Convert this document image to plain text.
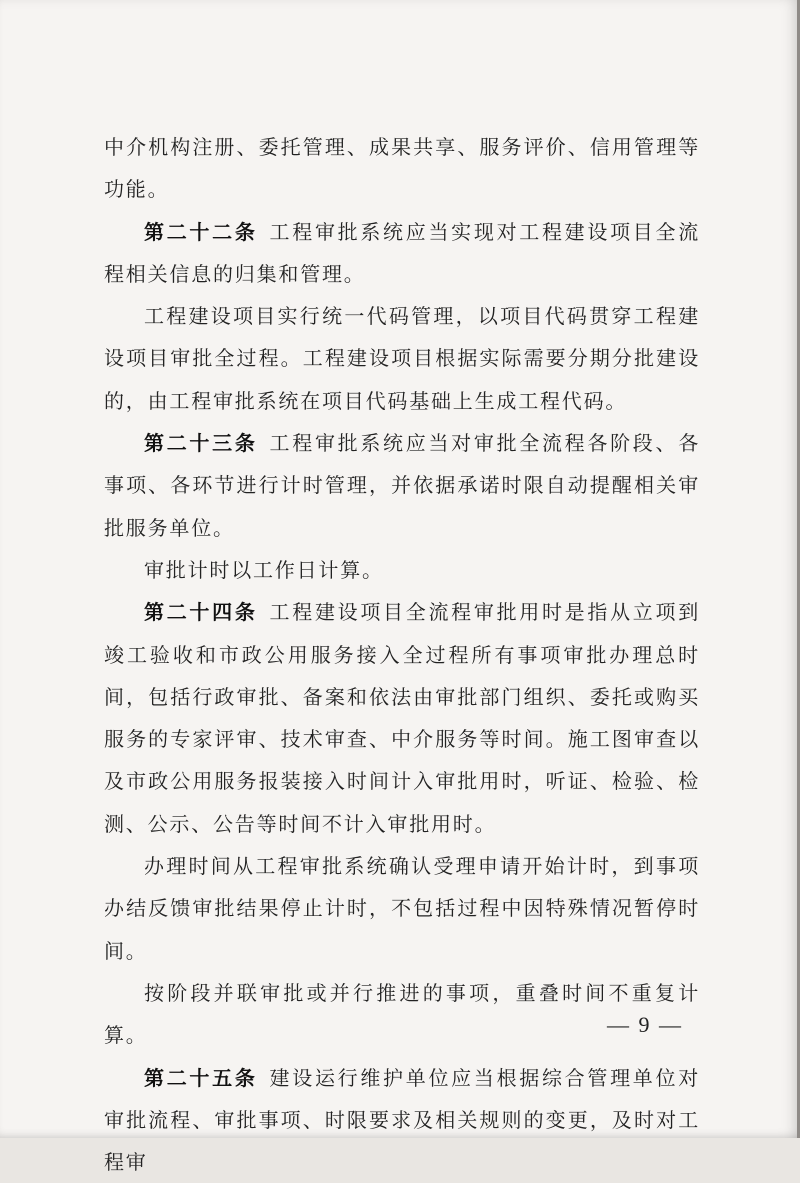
中介机构注册、委托管理、成果共享、服务评价、信用管理等功能。

第二十二条 工程审批系统应当实现对工程建设项目全流程相关信息的归集和管理。

工程建设项目实行统一代码管理，以项目代码贯穿工程建设项目审批全过程。工程建设项目根据实际需要分期分批建设的，由工程审批系统在项目代码基础上生成工程代码。

第二十三条 工程审批系统应当对审批全流程各阶段、各事项、各环节进行计时管理，并依据承诺时限自动提醒相关审批服务单位。

审批计时以工作日计算。

第二十四条 工程建设项目全流程审批用时是指从立项到竣工验收和市政公用服务接入全过程所有事项审批办理总时间，包括行政审批、备案和依法由审批部门组织、委托或购买服务的专家评审、技术审查、中介服务等时间。施工图审查以及市政公用服务报装接入时间计入审批用时，听证、检验、检测、公示、公告等时间不计入审批用时。

办理时间从工程审批系统确认受理申请开始计时，到事项办结反馈审批结果停止计时，不包括过程中因特殊情况暂停时间。

按阶段并联审批或并行推进的事项，重叠时间不重复计算。

第二十五条 建设运行维护单位应当根据综合管理单位对审批流程、审批事项、时限要求及相关规则的变更，及时对工程审

— 9 —
